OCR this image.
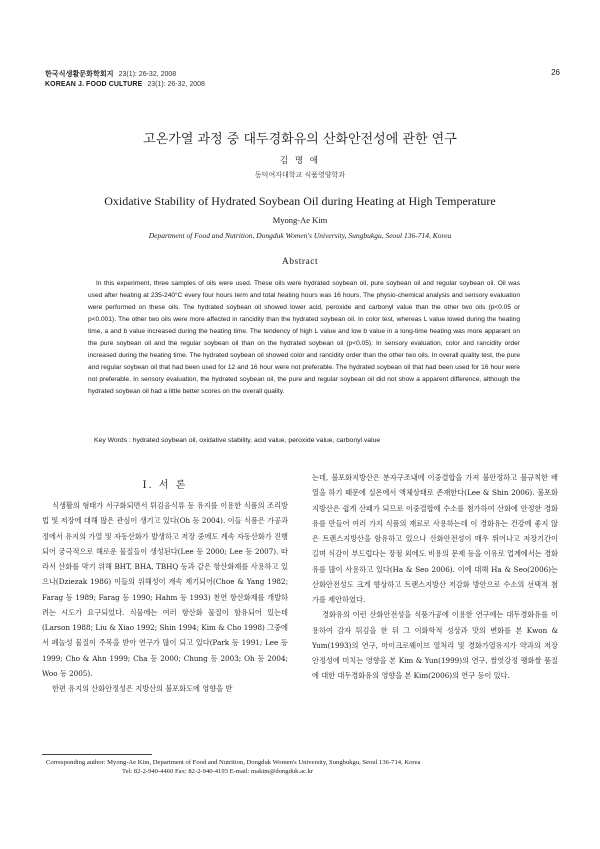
한국식생활문화학회지 23(1): 26-32, 2008
KOREAN J. FOOD CULTURE 23(1): 26-32, 2008
26
고온가열 과정 중 대두경화유의 산화안전성에 관한 연구
김 명 애
동덕여자대학교 식품영양학과
Oxidative Stability of Hydrated Soybean Oil during Heating at High Temperature
Myong-Ae Kim
Department of Food and Nutrition, Dongduk Women's University, Sungbukgu, Seoul 136-714, Korea
Abstract
In this experiment, three samples of oils were used. These oils were hydrated soybean oil, pure soybean oil and regular soybean oil. Oil was used after heating at 235-240°C every four hours term and total heating hours was 16 hours. The physio-chemical analysis and sensory evaluation were performed on these oils. The hydrated soybean oil showed lower acid, peroxide and carbonyl value than the other two oils (p<0.05 or p<0.001). The other two oils were more affected in rancidity than the hydrated soybean oil. In color test, whereas L value lowed during the heating time, a and b value increased during the heating time. The tendency of high L value and low b value in a long-time heating was more apparant on the pure soybean oil and the regular soybean oil than on the hydrated soybean oil (p<0.05). In sensory evaluation, color and rancidity order increased during the heating time. The hydrated soybean oil showed color and rancidity order than the other two oils. In overall quality test, the pure and regular soybean oil that had been used for 12 and 16 hour were not preferable. The hydrated soybean oil that had been used for 16 hour were not preferable. In sensory evaluation, the hydrated soybean oil, the pure and regular soybean oil did not show a apparent difference, although the hydrated soybean oil had a little better scores on the overall quality.
Key Words : hydrated soybean oil, oxidative stability, acid value, peroxide value, carbonyl value
I. 서 론

식생활의 형태가 서구화되면서 튀김음식류 등 유지를 이용한 식품의 조리방법 및 저장에 대해 많은 관심이 생기고 있다(Oh 등 2004). 이들 식품은 가공과정에서 유지의 가열 및 자동산화가 발생하고 저장 중에도 계속 자동산화가 진행되어 궁극적으로 해로운 물질들이 생성된다(Lee 등 2000; Lee 등 2007). 따라서 산화를 막기 위해 BHT, BHA, TBHQ 등과 같은 항산화제를 사용하고 있으나(Dziezak 1986) 이들의 위해성이 계속 제기되어(Choe & Yang 1982; Farag 등 1989; Farag 등 1990; Hahm 등 1993) 천연 항산화제를 개발하려는 시도가 요구되었다. 식물에는 여러 항산화 물질이 함유되어 있는데(Larson 1988; Liu & Xiao 1992; Shin 1994; Kim & Cho 1998) 그중에서 페놀성 물질이 주목을 받아 연구가 많이 되고 있다(Park 등 1991; Lee 등 1999; Cho & Ahn 1999; Cha 등 2000; Chung 등 2003; Oh 등 2004; Woo 등 2005).

한편 유지의 산화안정성은 지방산의 불포화도에 영향을 받

는데, 불포화지방산은 분자구조내에 이중결합을 가져 불안정하고 불규칙한 배열을 하기 때문에 실온에서 액체상태로 존재한다(Lee & Shin 2006). 불포화지방산은 쉽게 산패가 되므로 이중결합에 수소를 첨가하여 산화에 안정한 경화유를 만들어 여러 가지 식품의 재료로 사용하는데 이 경화유는 건강에 좋지 않은 트랜스지방산을 함유하고 있으나 산화안전성이 매우 뛰어나고 저장기간이 길며 식감이 부드럽다는 장점 외에도 비용의 문제 등을 이유로 업계에서는 경화유를 많이 사용하고 있다(Ha & Seo 2006). 이에 대해 Ha & Seo(2006)는 산화안전성도 크게 향상하고 트랜스지방산 저감화 방안으로 수소의 선택적 첨가를 제안하였다.

경화유의 이런 산화안전성을 식품가공에 이용한 연구에는 대두경화유를 이용하여 감자 튀김을 한 뒤 그 이화학적 성상과 맛의 변화를 본 Kwon & Yum(1993)의 연구, 마이크로웨이브 열처리 및 경화가열유지가 약과의 저장 안정성에 미치는 영향을 본 Kim & Yun(1999)의 연구, 쌀엿강정 팽화쌀 품질에 대한 대두경화유의 영향을 본 Kim(2006)의 연구 등이 있다.

Corresponding author: Myong-Ae Kim, Department of Food and Nutrition, Dongduk Women's University, Sungbukgu, Seoul 136-714, Korea
Tel: 82-2-940-4460 Fax: 82-2-940-4193 E-mail: makim@dongduk.ac.kr
